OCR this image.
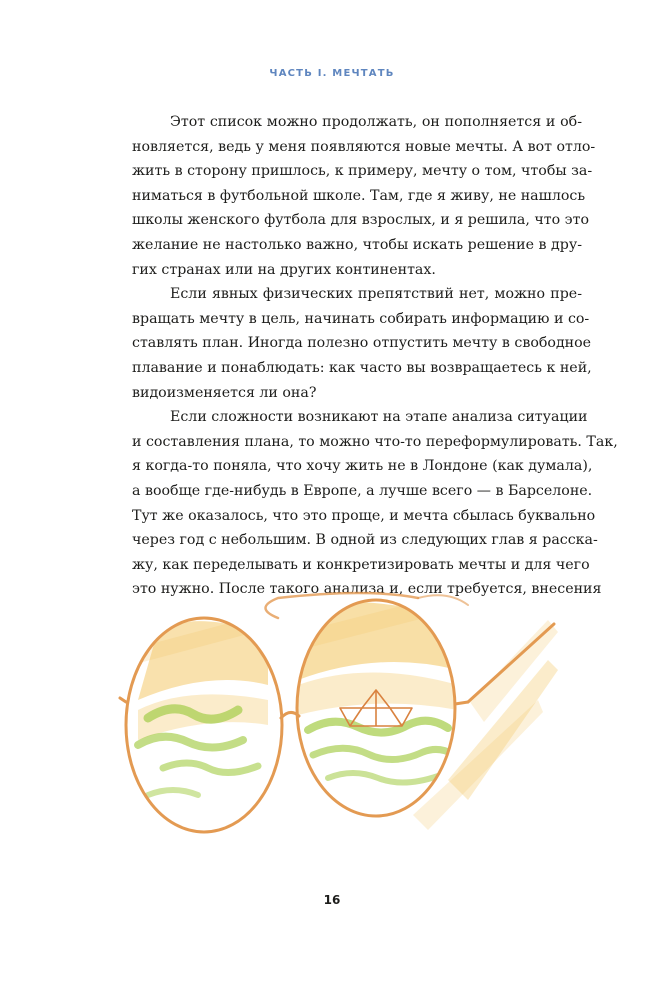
ЧАСТЬ I. МЕЧТАТЬ

Этот список можно продолжать, он пополняется и об-
новляется, ведь у меня появляются новые мечты. А вот отло-
жить в сторону пришлось, к примеру, мечту о том, чтобы за-
ниматься в футбольной школе. Там, где я живу, не нашлось
школы женского футбола для взрослых, и я решила, что это
желание не настолько важно, чтобы искать решение в дру-
гих странах или на других континентах.

Если явных физических препятствий нет, можно пре-
вращать мечту в цель, начинать собирать информацию и со-
ставлять план. Иногда полезно отпустить мечту в свободное
плавание и понаблюдать: как часто вы возвращаетесь к ней,
видоизменяется ли она?

Если сложности возникают на этапе анализа ситуации
и составления плана, то можно что-то переформулировать. Так,
я когда-то поняла, что хочу жить не в Лондоне (как думала),
а вообще где-нибудь в Европе, а лучше всего — в Барселоне.
Тут же оказалось, что это проще, и мечта сбылась буквально
через год с небольшим. В одной из следующих глав я расска-
жу, как переделывать и конкретизировать мечты и для чего
это нужно. После такого анализа и, если требуется, внесения

16
